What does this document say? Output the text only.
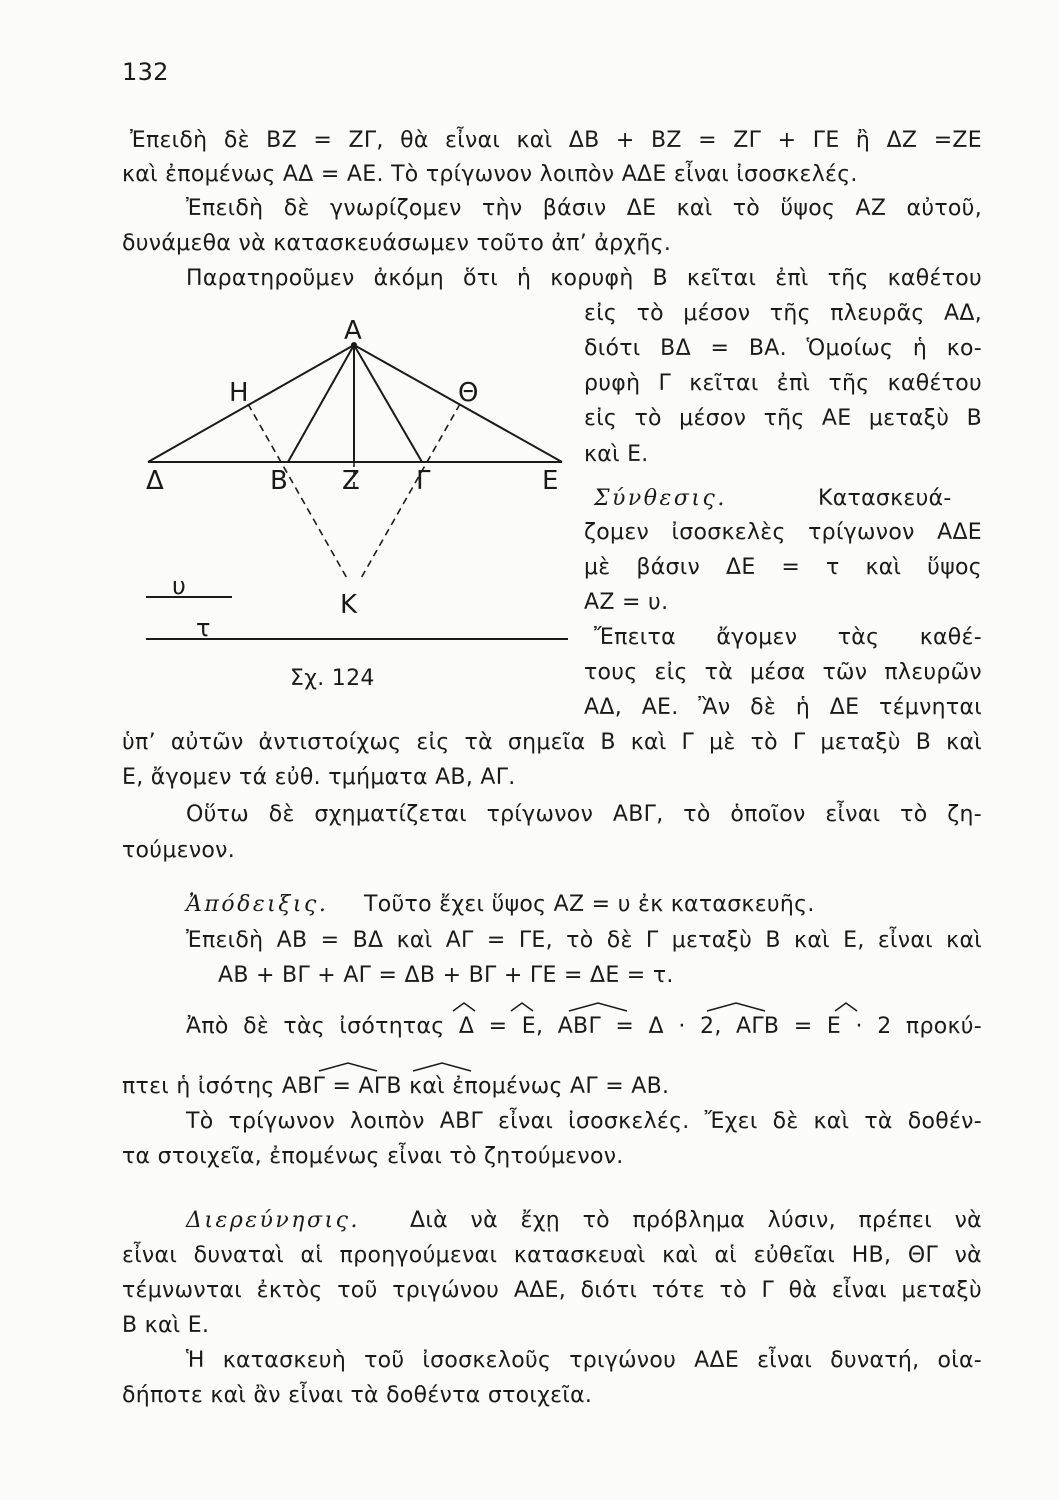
132
Ἐπειδὴ δὲ ΒΖ = ΖΓ, θὰ εἶναι καὶ ΔΒ + ΒΖ = ΖΓ + ΓΕ ἢ ΔΖ =ΖΕ
καὶ ἐπομένως ΑΔ = ΑΕ. Τὸ τρίγωνον λοιπὸν ΑΔΕ εἶναι ἰσοσκελές.
Ἐπειδὴ δὲ γνωρίζομεν τὴν βάσιν ΔΕ καὶ τὸ ὕψος ΑΖ αὐτοῦ,
δυνάμεθα νὰ κατασκευάσωμεν τοῦτο ἀπ’ ἀρχῆς.
Παρατηροῦμεν ἀκόμη ὅτι ἡ κορυφὴ Β κεῖται ἐπὶ τῆς καθέτου
εἰς τὸ μέσον τῆς πλευρᾶς ΑΔ,
διότι ΒΔ = ΒΑ. Ὁμοίως ἡ κο-
ρυφὴ Γ κεῖται ἐπὶ τῆς καθέτου
εἰς τὸ μέσον τῆς ΑΕ μεταξὺ Β
καὶ Ε.
Σύνθεσις.	Κατασκευά-
ζομεν ἰσοσκελὲς τρίγωνον ΑΔΕ
μὲ βάσιν ΔΕ = τ καὶ ὕψος
ΑΖ = υ.
Ἔπειτα ἄγομεν τὰς καθέ-
τους εἰς τὰ μέσα τῶν πλευρῶν
ΑΔ, ΑΕ. Ἂν δὲ ἡ ΔΕ τέμνηται
ὑπ’ αὐτῶν ἀντιστοίχως εἰς τὰ σημεῖα Β καὶ Γ μὲ τὸ Γ μεταξὺ Β καὶ
Ε, ἄγομεν τά εὐθ. τμήματα ΑΒ, ΑΓ.
Οὕτω δὲ σχηματίζεται τρίγωνον ΑΒΓ, τὸ ὁποῖον εἶναι τὸ ζη-
τούμενον.
Ἀπόδειξις. Τοῦτο ἔχει ὕψος ΑΖ = υ ἐκ κατασκευῆς.
Ἐπειδὴ ΑΒ = ΒΔ καὶ ΑΓ = ΓΕ, τὸ δὲ Γ μεταξὺ Β καὶ Ε, εἶναι καὶ
ΑΒ + ΒΓ + ΑΓ = ΔΒ + ΒΓ + ΓΕ = ΔΕ = τ.
Ἀπὸ δὲ τὰς ἰσότητας Δ = Ε, ΑΒΓ = Δ · 2, ΑΓΒ = Ε · 2 προκύ-
πτει ἡ ἰσότης ΑΒΓ = ΑΓΒ καὶ ἐπομένως ΑΓ = ΑΒ.
Τὸ τρίγωνον λοιπὸν ΑΒΓ εἶναι ἰσοσκελές. Ἔχει δὲ καὶ τὰ δοθέν-
τα στοιχεῖα, ἐπομένως εἶναι τὸ ζητούμενον.
Διερεύνησις. Διὰ νὰ ἔχῃ τὸ πρόβλημα λύσιν, πρέπει νὰ
εἶναι δυναταὶ αἱ προηγούμεναι κατασκευαὶ καὶ αἱ εὐθεῖαι ΗΒ, ΘΓ νὰ
τέμνωνται ἐκτὸς τοῦ τριγώνου ΑΔΕ, διότι τότε τὸ Γ θὰ εἶναι μεταξὺ
Β καὶ Ε.
Ἡ κατασκευὴ τοῦ ἰσοσκελοῦς τριγώνου ΑΔΕ εἶναι δυνατή, οἱα-
δήποτε καὶ ἂν εἶναι τὰ δοθέντα στοιχεῖα.
Α
Η	Θ
Δ	Β Ζ Γ	Ε
Κ
υ
τ
Σχ. 124
